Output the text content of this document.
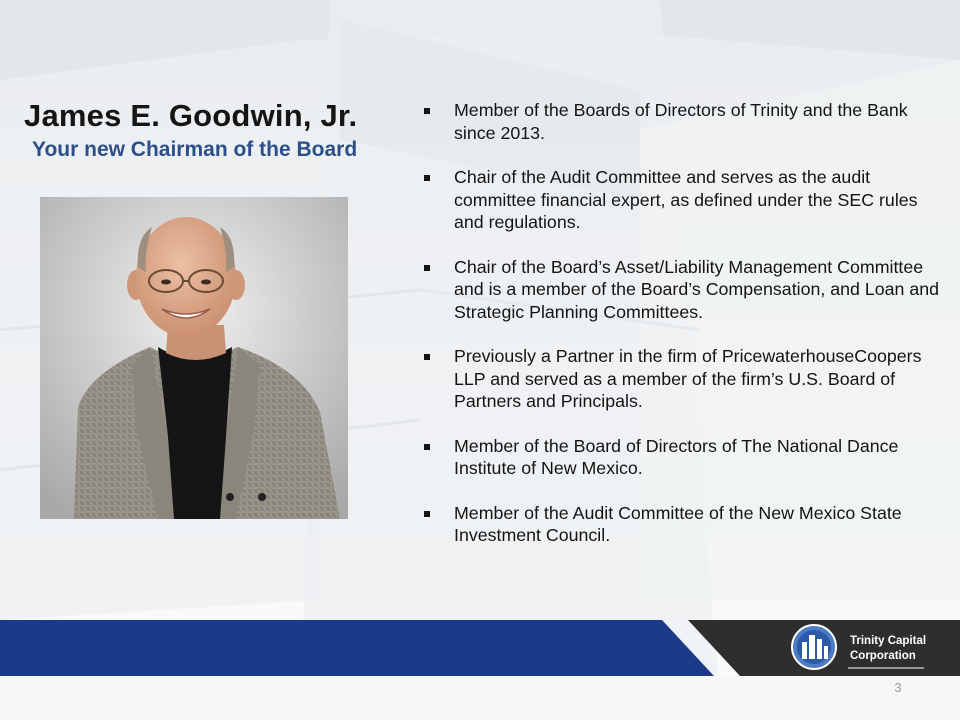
James E. Goodwin, Jr.
Your new Chairman of the Board
Member of the Boards of Directors of Trinity and the Bank since 2013.
Chair of the Audit Committee and serves as the audit committee financial expert, as defined under the SEC rules and regulations.
Chair of the Board’s Asset/Liability Management Committee and is a member of the Board’s Compensation, and Loan and Strategic Planning Committees.
Previously a Partner in the firm of PricewaterhouseCoopers LLP and served as a member of the firm’s U.S. Board of Partners and Principals.
Member of the Board of Directors of The National Dance Institute of New Mexico.
Member of the Audit Committee of the New Mexico State Investment Council.

Trinity Capital
Corporation

3
